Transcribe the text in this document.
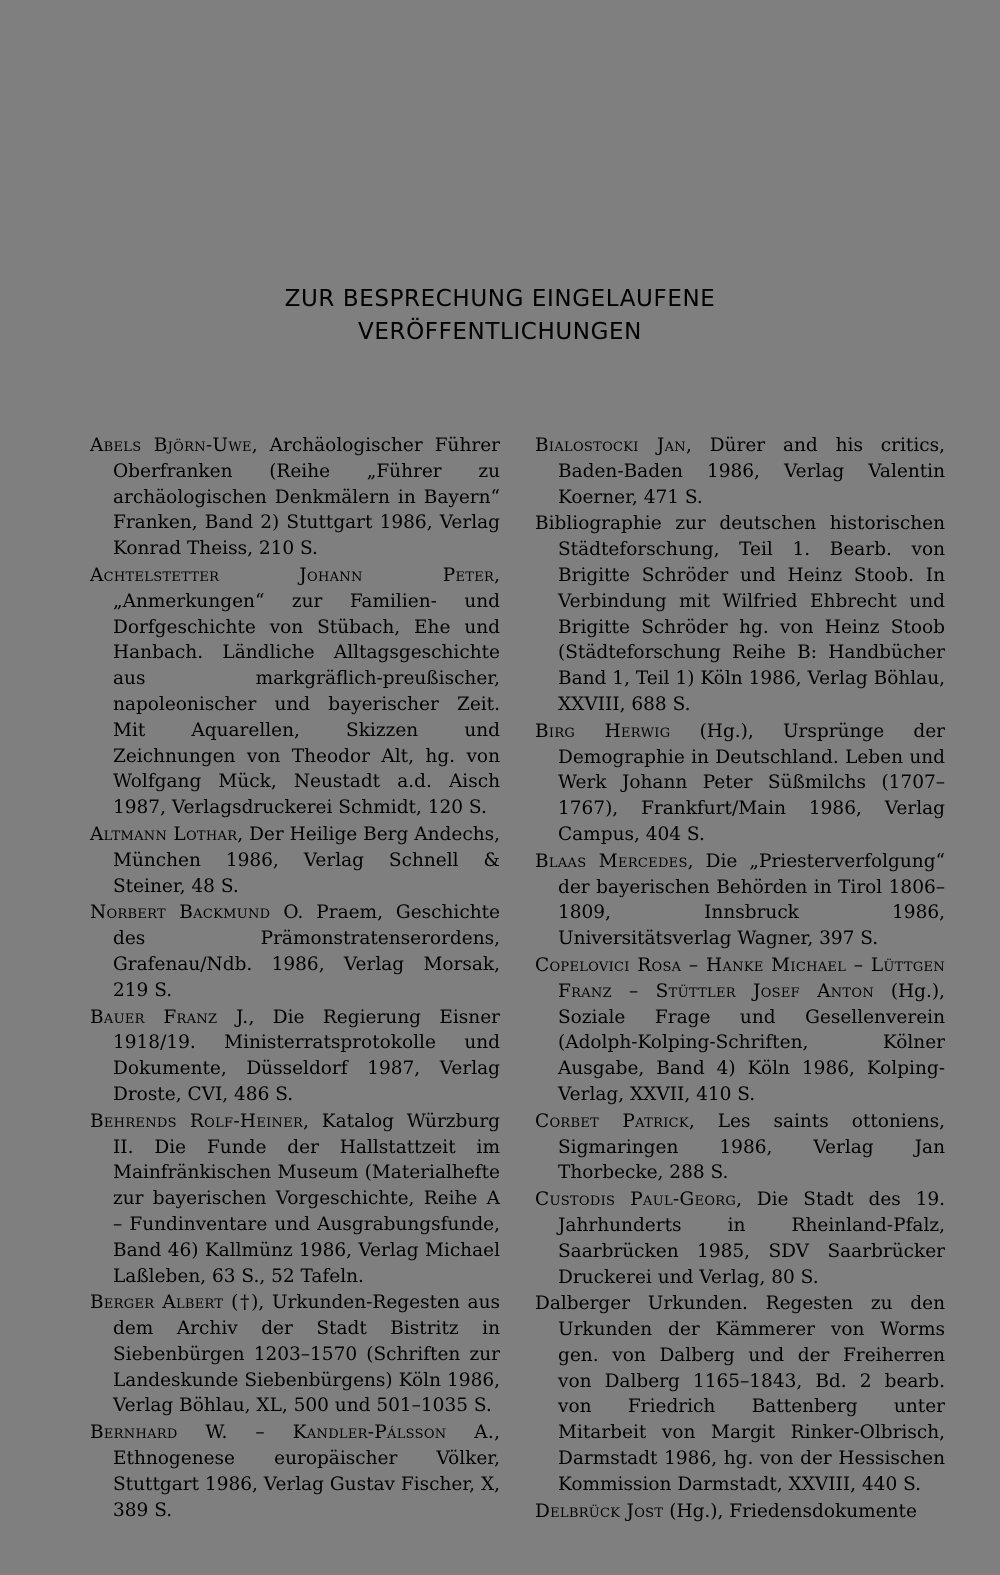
ZUR BESPRECHUNG EINGELAUFENE
VERÖFFENTLICHUNGEN

Abels Björn-Uwe, Archäologischer Führer Oberfranken (Reihe „Führer zu archäologischen Denkmälern in Bayern“ Franken, Band 2) Stuttgart 1986, Verlag Konrad Theiss, 210 S.

Achtelstetter Johann Peter, „Anmerkungen“ zur Familien- und Dorfgeschichte von Stübach, Ehe und Hanbach. Ländliche Alltagsgeschichte aus markgräflich-preußischer, napoleonischer und bayerischer Zeit. Mit Aquarellen, Skizzen und Zeichnungen von Theodor Alt, hg. von Wolfgang Mück, Neustadt a.d. Aisch 1987, Verlagsdruckerei Schmidt, 120 S.

Altmann Lothar, Der Heilige Berg Andechs, München 1986, Verlag Schnell & Steiner, 48 S.

Norbert Backmund O. Praem, Geschichte des Prämonstratenserordens, Grafenau/Ndb. 1986, Verlag Morsak, 219 S.

Bauer Franz J., Die Regierung Eisner 1918/19. Ministerratsprotokolle und Dokumente, Düsseldorf 1987, Verlag Droste, CVI, 486 S.

Behrends Rolf-Heiner, Katalog Würzburg II. Die Funde der Hallstattzeit im Mainfränkischen Museum (Materialhefte zur bayerischen Vorgeschichte, Reihe A – Fundinventare und Ausgrabungsfunde, Band 46) Kallmünz 1986, Verlag Michael Laßleben, 63 S., 52 Tafeln.

Berger Albert (†), Urkunden-Regesten aus dem Archiv der Stadt Bistritz in Siebenbürgen 1203–1570 (Schriften zur Landeskunde Siebenbürgens) Köln 1986, Verlag Böhlau, XL, 500 und 501–1035 S.

Bernhard W. – Kandler-Pálsson A., Ethnogenese europäischer Völker, Stuttgart 1986, Verlag Gustav Fischer, X, 389 S.

Bialostocki Jan, Dürer and his critics, Baden-Baden 1986, Verlag Valentin Koerner, 471 S.

Bibliographie zur deutschen historischen Städteforschung, Teil 1. Bearb. von Brigitte Schröder und Heinz Stoob. In Verbindung mit Wilfried Ehbrecht und Brigitte Schröder hg. von Heinz Stoob (Städteforschung Reihe B: Handbücher Band 1, Teil 1) Köln 1986, Verlag Böhlau, XXVIII, 688 S.

Birg Herwig (Hg.), Ursprünge der Demographie in Deutschland. Leben und Werk Johann Peter Süßmilchs (1707–1767), Frankfurt/Main 1986, Verlag Campus, 404 S.

Blaas Mercedes, Die „Priesterverfolgung“ der bayerischen Behörden in Tirol 1806–1809, Innsbruck 1986, Universitätsverlag Wagner, 397 S.

Copelovici Rosa – Hanke Michael – Lüttgen Franz – Stüttler Josef Anton (Hg.), Soziale Frage und Gesellenverein (Adolph-Kolping-Schriften, Kölner Ausgabe, Band 4) Köln 1986, Kolping-Verlag, XXVII, 410 S.

Corbet Patrick, Les saints ottoniens, Sigmaringen 1986, Verlag Jan Thorbecke, 288 S.

Custodis Paul-Georg, Die Stadt des 19. Jahrhunderts in Rheinland-Pfalz, Saarbrücken 1985, SDV Saarbrücker Druckerei und Verlag, 80 S.

Dalberger Urkunden. Regesten zu den Urkunden der Kämmerer von Worms gen. von Dalberg und der Freiherren von Dalberg 1165–1843, Bd. 2 bearb. von Friedrich Battenberg unter Mitarbeit von Margit Rinker-Olbrisch, Darmstadt 1986, hg. von der Hessischen Kommission Darmstadt, XXVIII, 440 S.

Delbrück Jost (Hg.), Friedensdokumente
